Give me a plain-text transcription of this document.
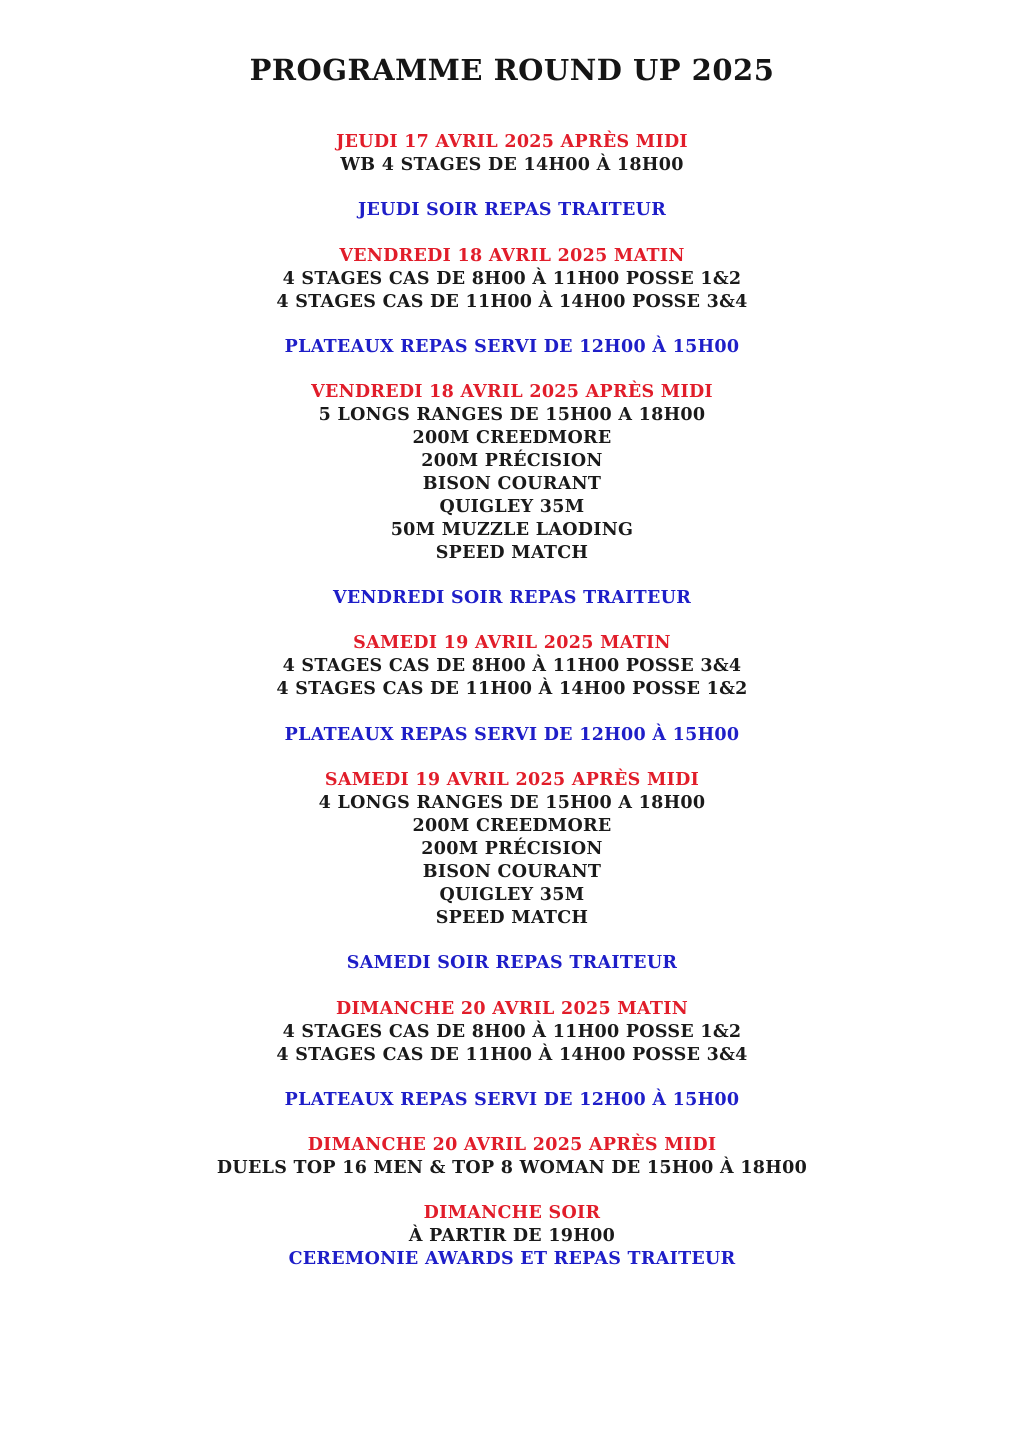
PROGRAMME ROUND UP 2025
JEUDI 17 AVRIL 2025 APRÈS MIDI
WB 4 STAGES DE 14H00 À 18H00
JEUDI SOIR REPAS TRAITEUR
VENDREDI 18 AVRIL 2025 MATIN
4 STAGES CAS DE 8H00 À 11H00 POSSE 1&2
4 STAGES CAS DE 11H00 À 14H00 POSSE 3&4
PLATEAUX REPAS SERVI DE 12H00 À 15H00
VENDREDI 18 AVRIL 2025 APRÈS MIDI
5 LONGS RANGES DE 15H00 A 18H00
200M CREEDMORE
200M PRÉCISION
BISON COURANT
QUIGLEY 35M
50M MUZZLE LAODING
SPEED MATCH
VENDREDI SOIR REPAS TRAITEUR
SAMEDI 19 AVRIL 2025 MATIN
4 STAGES CAS DE 8H00 À 11H00 POSSE 3&4
4 STAGES CAS DE 11H00 À 14H00 POSSE 1&2
PLATEAUX REPAS SERVI DE 12H00 À 15H00
SAMEDI 19 AVRIL 2025 APRÈS MIDI
4 LONGS RANGES DE 15H00 A 18H00
200M CREEDMORE
200M PRÉCISION
BISON COURANT
QUIGLEY 35M
SPEED MATCH
SAMEDI SOIR REPAS TRAITEUR
DIMANCHE 20 AVRIL 2025 MATIN
4 STAGES CAS DE 8H00 À 11H00 POSSE 1&2
4 STAGES CAS DE 11H00 À 14H00 POSSE 3&4
PLATEAUX REPAS SERVI DE 12H00 À 15H00
DIMANCHE 20 AVRIL 2025 APRÈS MIDI
DUELS TOP 16 MEN & TOP 8 WOMAN DE 15H00 À 18H00
DIMANCHE SOIR
À PARTIR DE 19H00
CEREMONIE AWARDS ET REPAS TRAITEUR
